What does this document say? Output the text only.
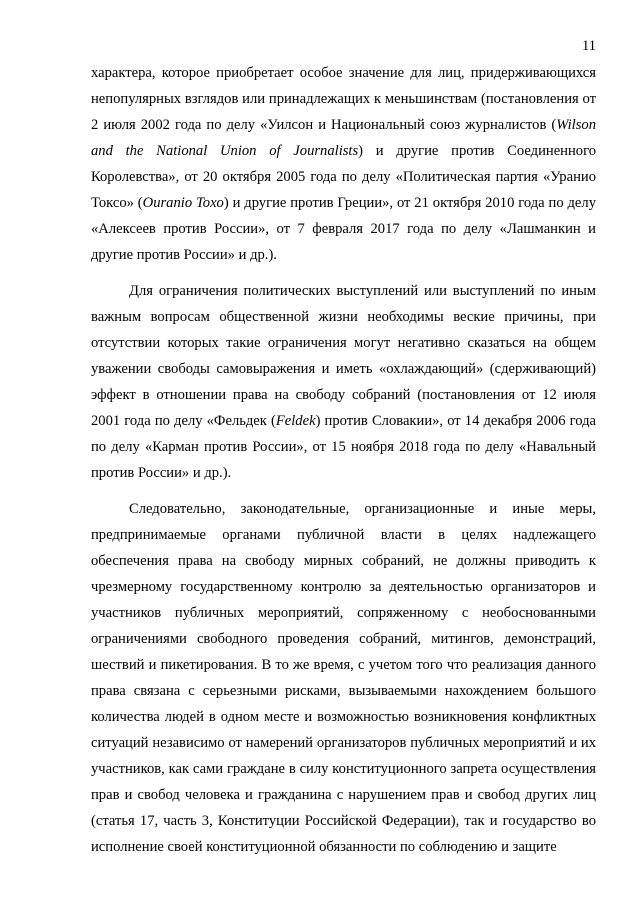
11

характера, которое приобретает особое значение для лиц, придерживающихся непопулярных взглядов или принадлежащих к меньшинствам (постановления от 2 июля 2002 года по делу «Уилсон и Национальный союз журналистов (Wilson and the National Union of Journalists) и другие против Соединенного Королевства», от 20 октября 2005 года по делу «Политическая партия «Уранио Токсо» (Ouranio Toxo) и другие против Греции», от 21 октября 2010 года по делу «Алексеев против России», от 7 февраля 2017 года по делу «Лашманкин и другие против России» и др.).

Для ограничения политических выступлений или выступлений по иным важным вопросам общественной жизни необходимы веские причины, при отсутствии которых такие ограничения могут негативно сказаться на общем уважении свободы самовыражения и иметь «охлаждающий» (сдерживающий) эффект в отношении права на свободу собраний (постановления от 12 июля 2001 года по делу «Фельдек (Feldek) против Словакии», от 14 декабря 2006 года по делу «Карман против России», от 15 ноября 2018 года по делу «Навальный против России» и др.).

Следовательно, законодательные, организационные и иные меры, предпринимаемые органами публичной власти в целях надлежащего обеспечения права на свободу мирных собраний, не должны приводить к чрезмерному государственному контролю за деятельностью организаторов и участников публичных мероприятий, сопряженному с необоснованными ограничениями свободного проведения собраний, митингов, демонстраций, шествий и пикетирования. В то же время, с учетом того что реализация данного права связана с серьезными рисками, вызываемыми нахождением большого количества людей в одном месте и возможностью возникновения конфликтных ситуаций независимо от намерений организаторов публичных мероприятий и их участников, как сами граждане в силу конституционного запрета осуществления прав и свобод человека и гражданина с нарушением прав и свобод других лиц (статья 17, часть 3, Конституции Российской Федерации), так и государство во исполнение своей конституционной обязанности по соблюдению и защите
